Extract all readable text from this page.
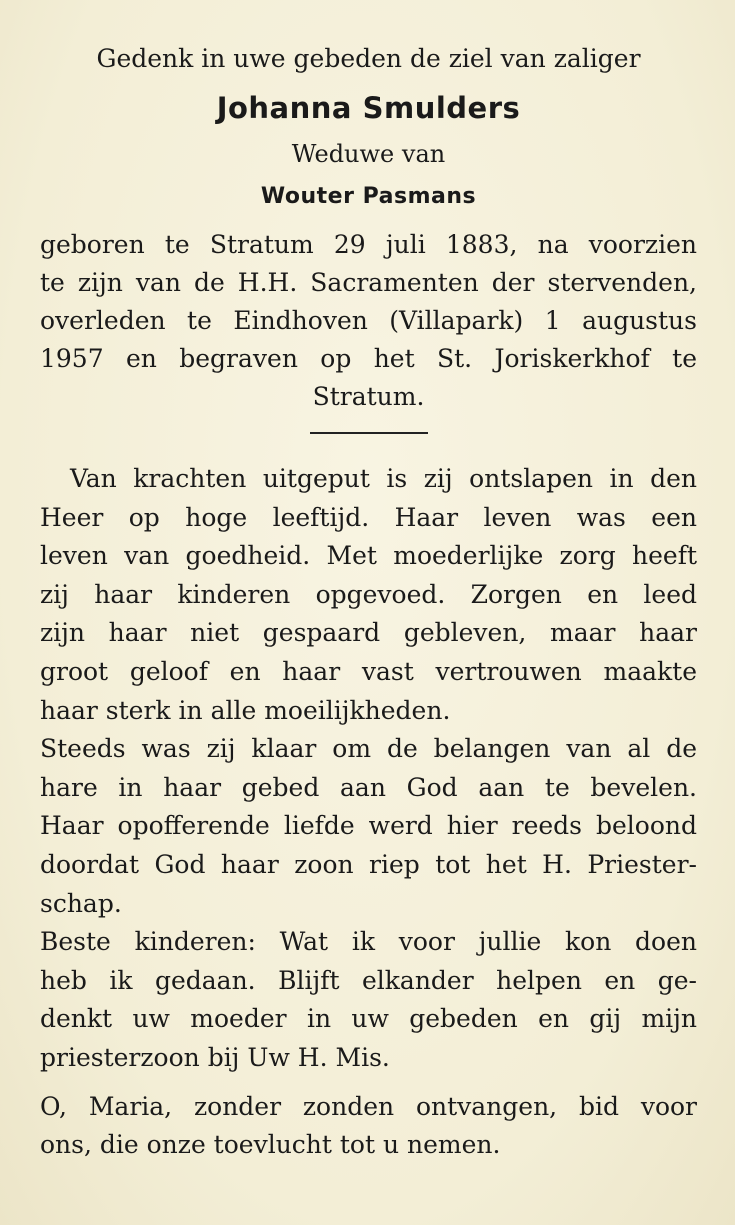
Gedenk in uwe gebeden de ziel van zaliger
Johanna Smulders
Weduwe van
Wouter Pasmans
geboren te Stratum 29 juli 1883, na voorzien
te zijn van de H.H. Sacramenten der stervenden,
overleden te Eindhoven (Villapark) 1 augustus
1957 en begraven op het St. Joriskerkhof te
Stratum.
Van krachten uitgeput is zij ontslapen in den
Heer op hoge leeftijd. Haar leven was een
leven van goedheid. Met moederlijke zorg heeft
zij haar kinderen opgevoed. Zorgen en leed
zijn haar niet gespaard gebleven, maar haar
groot geloof en haar vast vertrouwen maakte
haar sterk in alle moeilijkheden.
Steeds was zij klaar om de belangen van al de
hare in haar gebed aan God aan te bevelen.
Haar opofferende liefde werd hier reeds beloond
doordat God haar zoon riep tot het H. Priester-
schap.
Beste kinderen: Wat ik voor jullie kon doen
heb ik gedaan. Blijft elkander helpen en ge-
denkt uw moeder in uw gebeden en gij mijn
priesterzoon bij Uw H. Mis.
O, Maria, zonder zonden ontvangen, bid voor
ons, die onze toevlucht tot u nemen.
